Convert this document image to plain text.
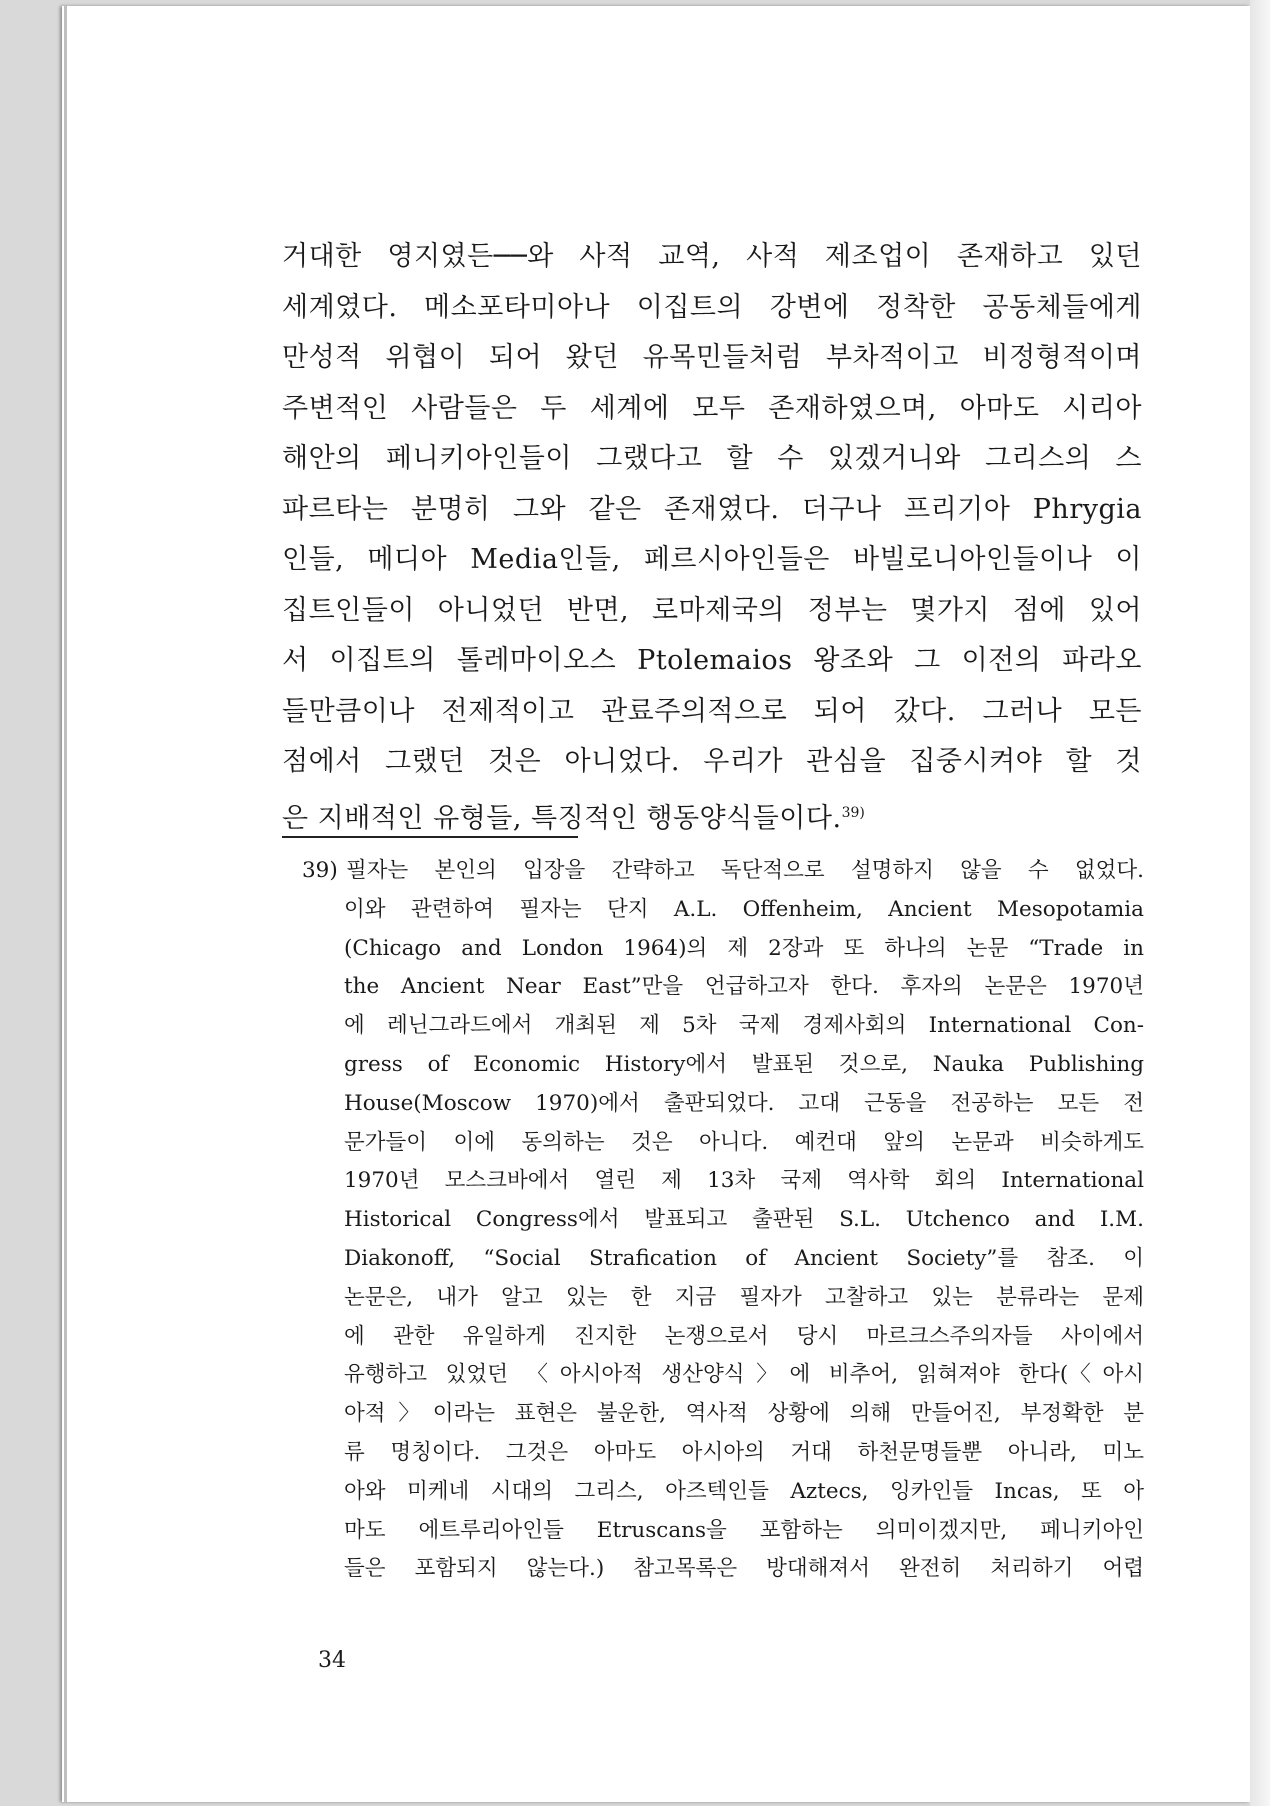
거대한 영지였든──와 사적 교역, 사적 제조업이 존재하고 있던
세계였다. 메소포타미아나 이집트의 강변에 정착한 공동체들에게
만성적 위협이 되어 왔던 유목민들처럼 부차적이고 비정형적이며
주변적인 사람들은 두 세계에 모두 존재하였으며, 아마도 시리아
해안의 페니키아인들이 그랬다고 할 수 있겠거니와 그리스의 스
파르타는 분명히 그와 같은 존재였다. 더구나 프리기아 Phrygia
인들, 메디아 Media인들, 페르시아인들은 바빌로니아인들이나 이
집트인들이 아니었던 반면, 로마제국의 정부는 몇가지 점에 있어
서 이집트의 톨레마이오스 Ptolemaios 왕조와 그 이전의 파라오
들만큼이나 전제적이고 관료주의적으로 되어 갔다. 그러나 모든
점에서 그랬던 것은 아니었다. 우리가 관심을 집중시켜야 할 것
은 지배적인 유형들, 특징적인 행동양식들이다.$^{39)}$
39) 필자는 본인의 입장을 간략하고 독단적으로 설명하지 않을 수 없었다.
이와 관련하여 필자는 단지 A.L. Offenheim, Ancient Mesopotamia
(Chicago and London 1964)의 제 2장과 또 하나의 논문 “Trade in
the Ancient Near East”만을 언급하고자 한다. 후자의 논문은 1970년
에 레닌그라드에서 개최된 제 5차 국제 경제사회의 International Con-
gress of Economic History에서 발표된 것으로, Nauka Publishing
House(Moscow 1970)에서 출판되었다. 고대 근동을 전공하는 모든 전
문가들이 이에 동의하는 것은 아니다. 예컨대 앞의 논문과 비슷하게도
1970년 모스크바에서 열린 제 13차 국제 역사학 회의 International
Historical Congress에서 발표되고 출판된 S.L. Utchenco and I.M.
Diakonoff, “Social Strafication of Ancient Society”를 참조. 이
논문은, 내가 알고 있는 한 지금 필자가 고찰하고 있는 분류라는 문제
에 관한 유일하게 진지한 논쟁으로서 당시 마르크스주의자들 사이에서
유행하고 있었던 〈아시아적 생산양식〉에 비추어, 읽혀져야 한다(〈아시
아적〉이라는 표현은 불운한, 역사적 상황에 의해 만들어진, 부정확한 분
류 명칭이다. 그것은 아마도 아시아의 거대 하천문명들뿐 아니라, 미노
아와 미케네 시대의 그리스, 아즈텍인들 Aztecs, 잉카인들 Incas, 또 아
마도 에트루리아인들 Etruscans을 포함하는 의미이겠지만, 페니키아인
들은 포함되지 않는다.) 참고목록은 방대해져서 완전히 처리하기 어렵
34
